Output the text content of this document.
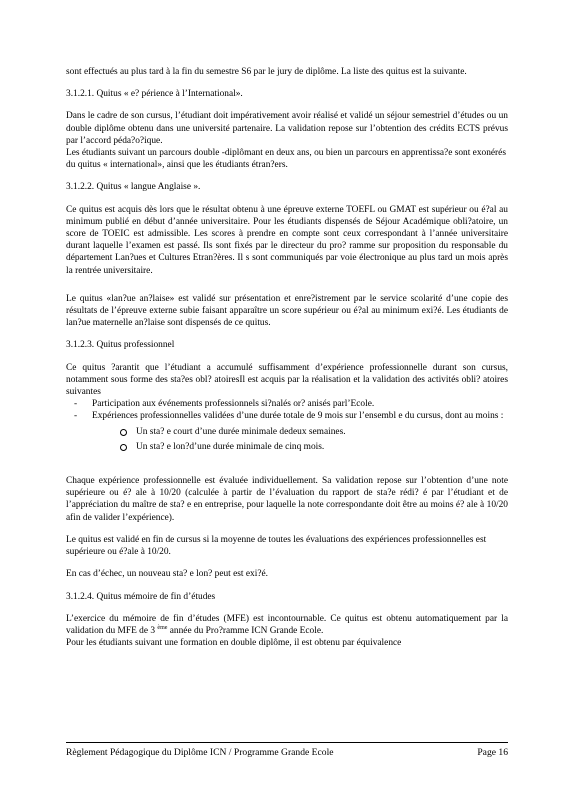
sont effectués au plus tard à la fin du semestre S6 par le jury de diplôme. La liste des quitus est la suivante.

3.1.2.1. Quitus « e? périence à l’International».

Dans le cadre de son cursus, l’étudiant doit impérativement avoir réalisé et validé un séjour semestriel d’études ou un double diplôme obtenu dans une université partenaire. La validation repose sur l’obtention des crédits ECTS prévus par l’accord péda?o?ique.

Les étudiants suivant un parcours double -diplômant en deux ans, ou bien un parcours en apprentissa?e sont exonérés du quitus « international», ainsi que les étudiants étran?ers.

3.1.2.2. Quitus « langue Anglaise ».

Ce quitus est acquis dès lors que le résultat obtenu à une épreuve externe TOEFL ou GMAT est supérieur ou é?al au minimum publié en début d’année universitaire. Pour les étudiants dispensés de Séjour Académique obli?atoire, un score de TOEIC est admissible. Les scores à prendre en compte sont ceux correspondant à l’année universitaire durant laquelle l’examen est passé. Ils sont fixés par le directeur du pro? ramme sur proposition du responsable du département Lan?ues et Cultures Etran?ères. Il s sont communiqués par voie électronique au plus tard un mois après la rentrée universitaire.

Le quitus «lan?ue an?laise» est validé sur présentation et enre?istrement par le service scolarité d’une copie des résultats de l’épreuve externe subie faisant apparaître un score supérieur ou é?al au minimum exi?é. Les étudiants de lan?ue maternelle an?laise sont dispensés de ce quitus.

3.1.2.3. Quitus professionnel

Ce quitus ?arantit que l’étudiant a accumulé suffisamment d’expérience professionnelle durant son cursus, notamment sous forme des sta?es obl? atoiresIl est acquis par la réalisation et la validation des activités obli? atoires suivantes

- Participation aux événements professionnels si?nalés or? anisés parl’Ecole.
- Expériences professionnelles validées d’une durée totale de 9 mois sur l’ensembl e du cursus, dont au moins :
Un sta? e court d’une durée minimale dedeux semaines.
Un sta? e lon?d’une durée minimale de cinq mois.

Chaque expérience professionnelle est évaluée individuellement. Sa validation repose sur l’obtention d’une note supérieure ou é? ale à 10/20 (calculée à partir de l’évaluation du rapport de sta?e rédi? é par l’étudiant et de l’appréciation du maître de sta? e en entreprise, pour laquelle la note correspondante doit être au moins é? ale à 10/20 afin de valider l’expérience).

Le quitus est validé en fin de cursus si la moyenne de toutes les évaluations des expériences professionnelles est supérieure ou é?ale à 10/20.

En cas d’échec, un nouveau sta? e lon? peut est exi?é.

3.1.2.4. Quitus mémoire de fin d’études

L’exercice du mémoire de fin d’études (MFE) est incontournable. Ce quitus est obtenu automatiquement par la validation du MFE de 3 $^{ème}$ année du Pro?ramme ICN Grande Ecole.

Pour les étudiants suivant une formation en double diplôme, il est obtenu par équivalence

Règlement Pédagogique du Diplôme ICN / Programme Grande Ecole	Page 16
